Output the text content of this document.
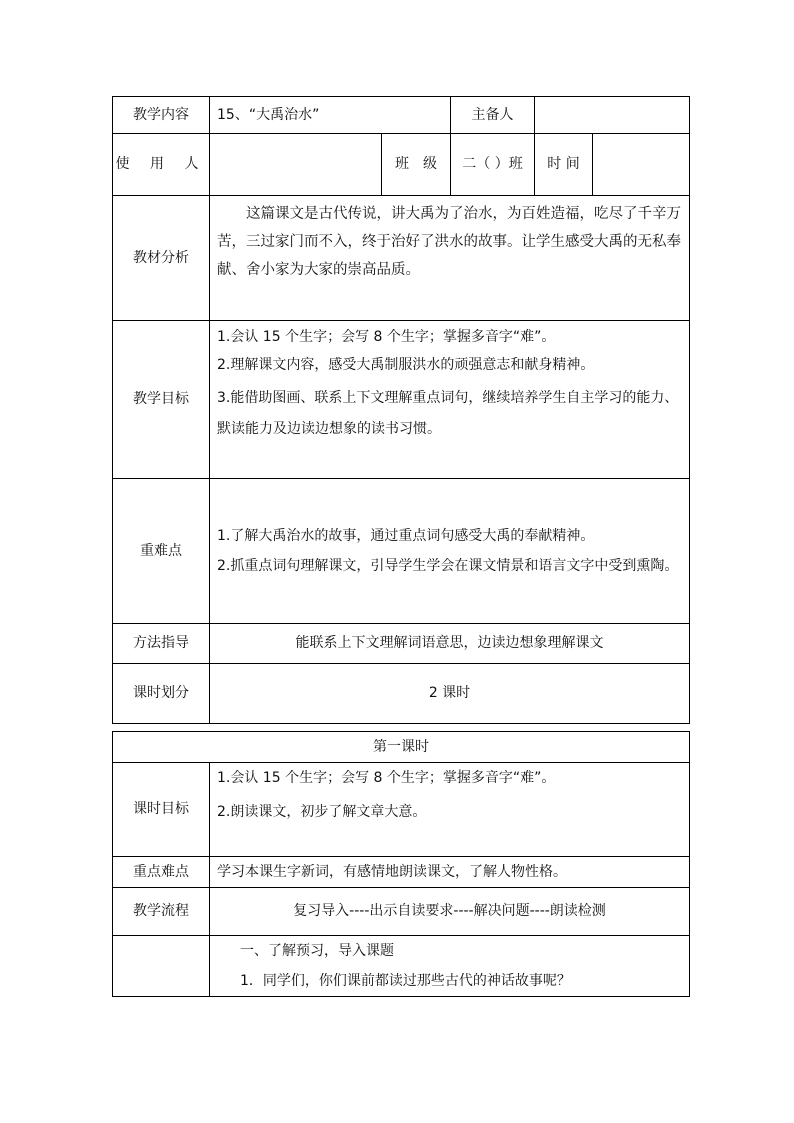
教学内容	15、“大禹治水”		主备人		
使 用 人		班　级	二（ ）班	时 间	
教材分析	这篇课文是古代传说，讲大禹为了治水，为百姓造福，吃尽了千辛万苦，三过家门而不入，终于治好了洪水的故事。让学生感受大禹的无私奉献、舍小家为大家的崇高品质。				

教学目标	1.会认 15 个生字；会写 8 个生字；掌握多音字“难”。

2.理解课文内容，感受大禹制服洪水的顽强意志和献身精神。

3.能借助图画、联系上下文理解重点词句，继续培养学生自主学习的能力、默读能力及边读边想象的读书习惯。				

重难点	1.了解大禹治水的故事，通过重点词句感受大禹的奉献精神。

2.抓重点词句理解课文，引导学生学会在课文情景和语言文字中受到熏陶。				

方法指导	能联系上下文理解词语意思，边读边想象理解课文				
课时划分	2 课时				
第一课时	
课时目标	1.会认 15 个生字；会写 8 个生字；掌握多音字“难”。

2.朗读课文，初步了解文章大意。

重点难点	学习本课生字新词，有感情地朗读课文，了解人物性格。
教学流程	复习导入----出示自读要求----解决问题----朗读检测

	一、了解预习，导入课题

1．同学们，你们课前都读过那些古代的神话故事呢？
